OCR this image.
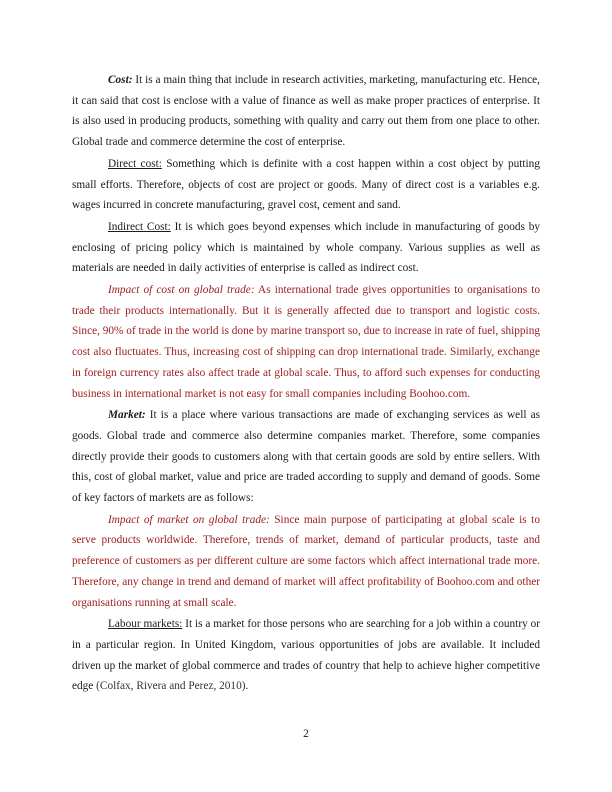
Cost: It is a main thing that include in research activities, marketing, manufacturing etc. Hence, it can said that cost is enclose with a value of finance as well as make proper practices of enterprise. It is also used in producing products, something with quality and carry out them from one place to other. Global trade and commerce determine the cost of enterprise.

Direct cost: Something which is definite with a cost happen within a cost object by putting small efforts. Therefore, objects of cost are project or goods. Many of direct cost is a variables e.g. wages incurred in concrete manufacturing, gravel cost, cement and sand.

Indirect Cost: It is which goes beyond expenses which include in manufacturing of goods by enclosing of pricing policy which is maintained by whole company. Various supplies as well as materials are needed in daily activities of enterprise is called as indirect cost.

Impact of cost on global trade: As international trade gives opportunities to organisations to trade their products internationally. But it is generally affected due to transport and logistic costs. Since, 90% of trade in the world is done by marine transport so, due to increase in rate of fuel, shipping cost also fluctuates. Thus, increasing cost of shipping can drop international trade. Similarly, exchange in foreign currency rates also affect trade at global scale. Thus, to afford such expenses for conducting business in international market is not easy for small companies including Boohoo.com.

Market: It is a place where various transactions are made of exchanging services as well as goods. Global trade and commerce also determine companies market. Therefore, some companies directly provide their goods to customers along with that certain goods are sold by entire sellers. With this, cost of global market, value and price are traded according to supply and demand of goods. Some of key factors of markets are as follows:

Impact of market on global trade: Since main purpose of participating at global scale is to serve products worldwide. Therefore, trends of market, demand of particular products, taste and preference of customers as per different culture are some factors which affect international trade more. Therefore, any change in trend and demand of market will affect profitability of Boohoo.com and other organisations running at small scale.

Labour markets: It is a market for those persons who are searching for a job within a country or in a particular region. In United Kingdom, various opportunities of jobs are available. It included driven up the market of global commerce and trades of country that help to achieve higher competitive edge (Colfax, Rivera and Perez, 2010).

2
